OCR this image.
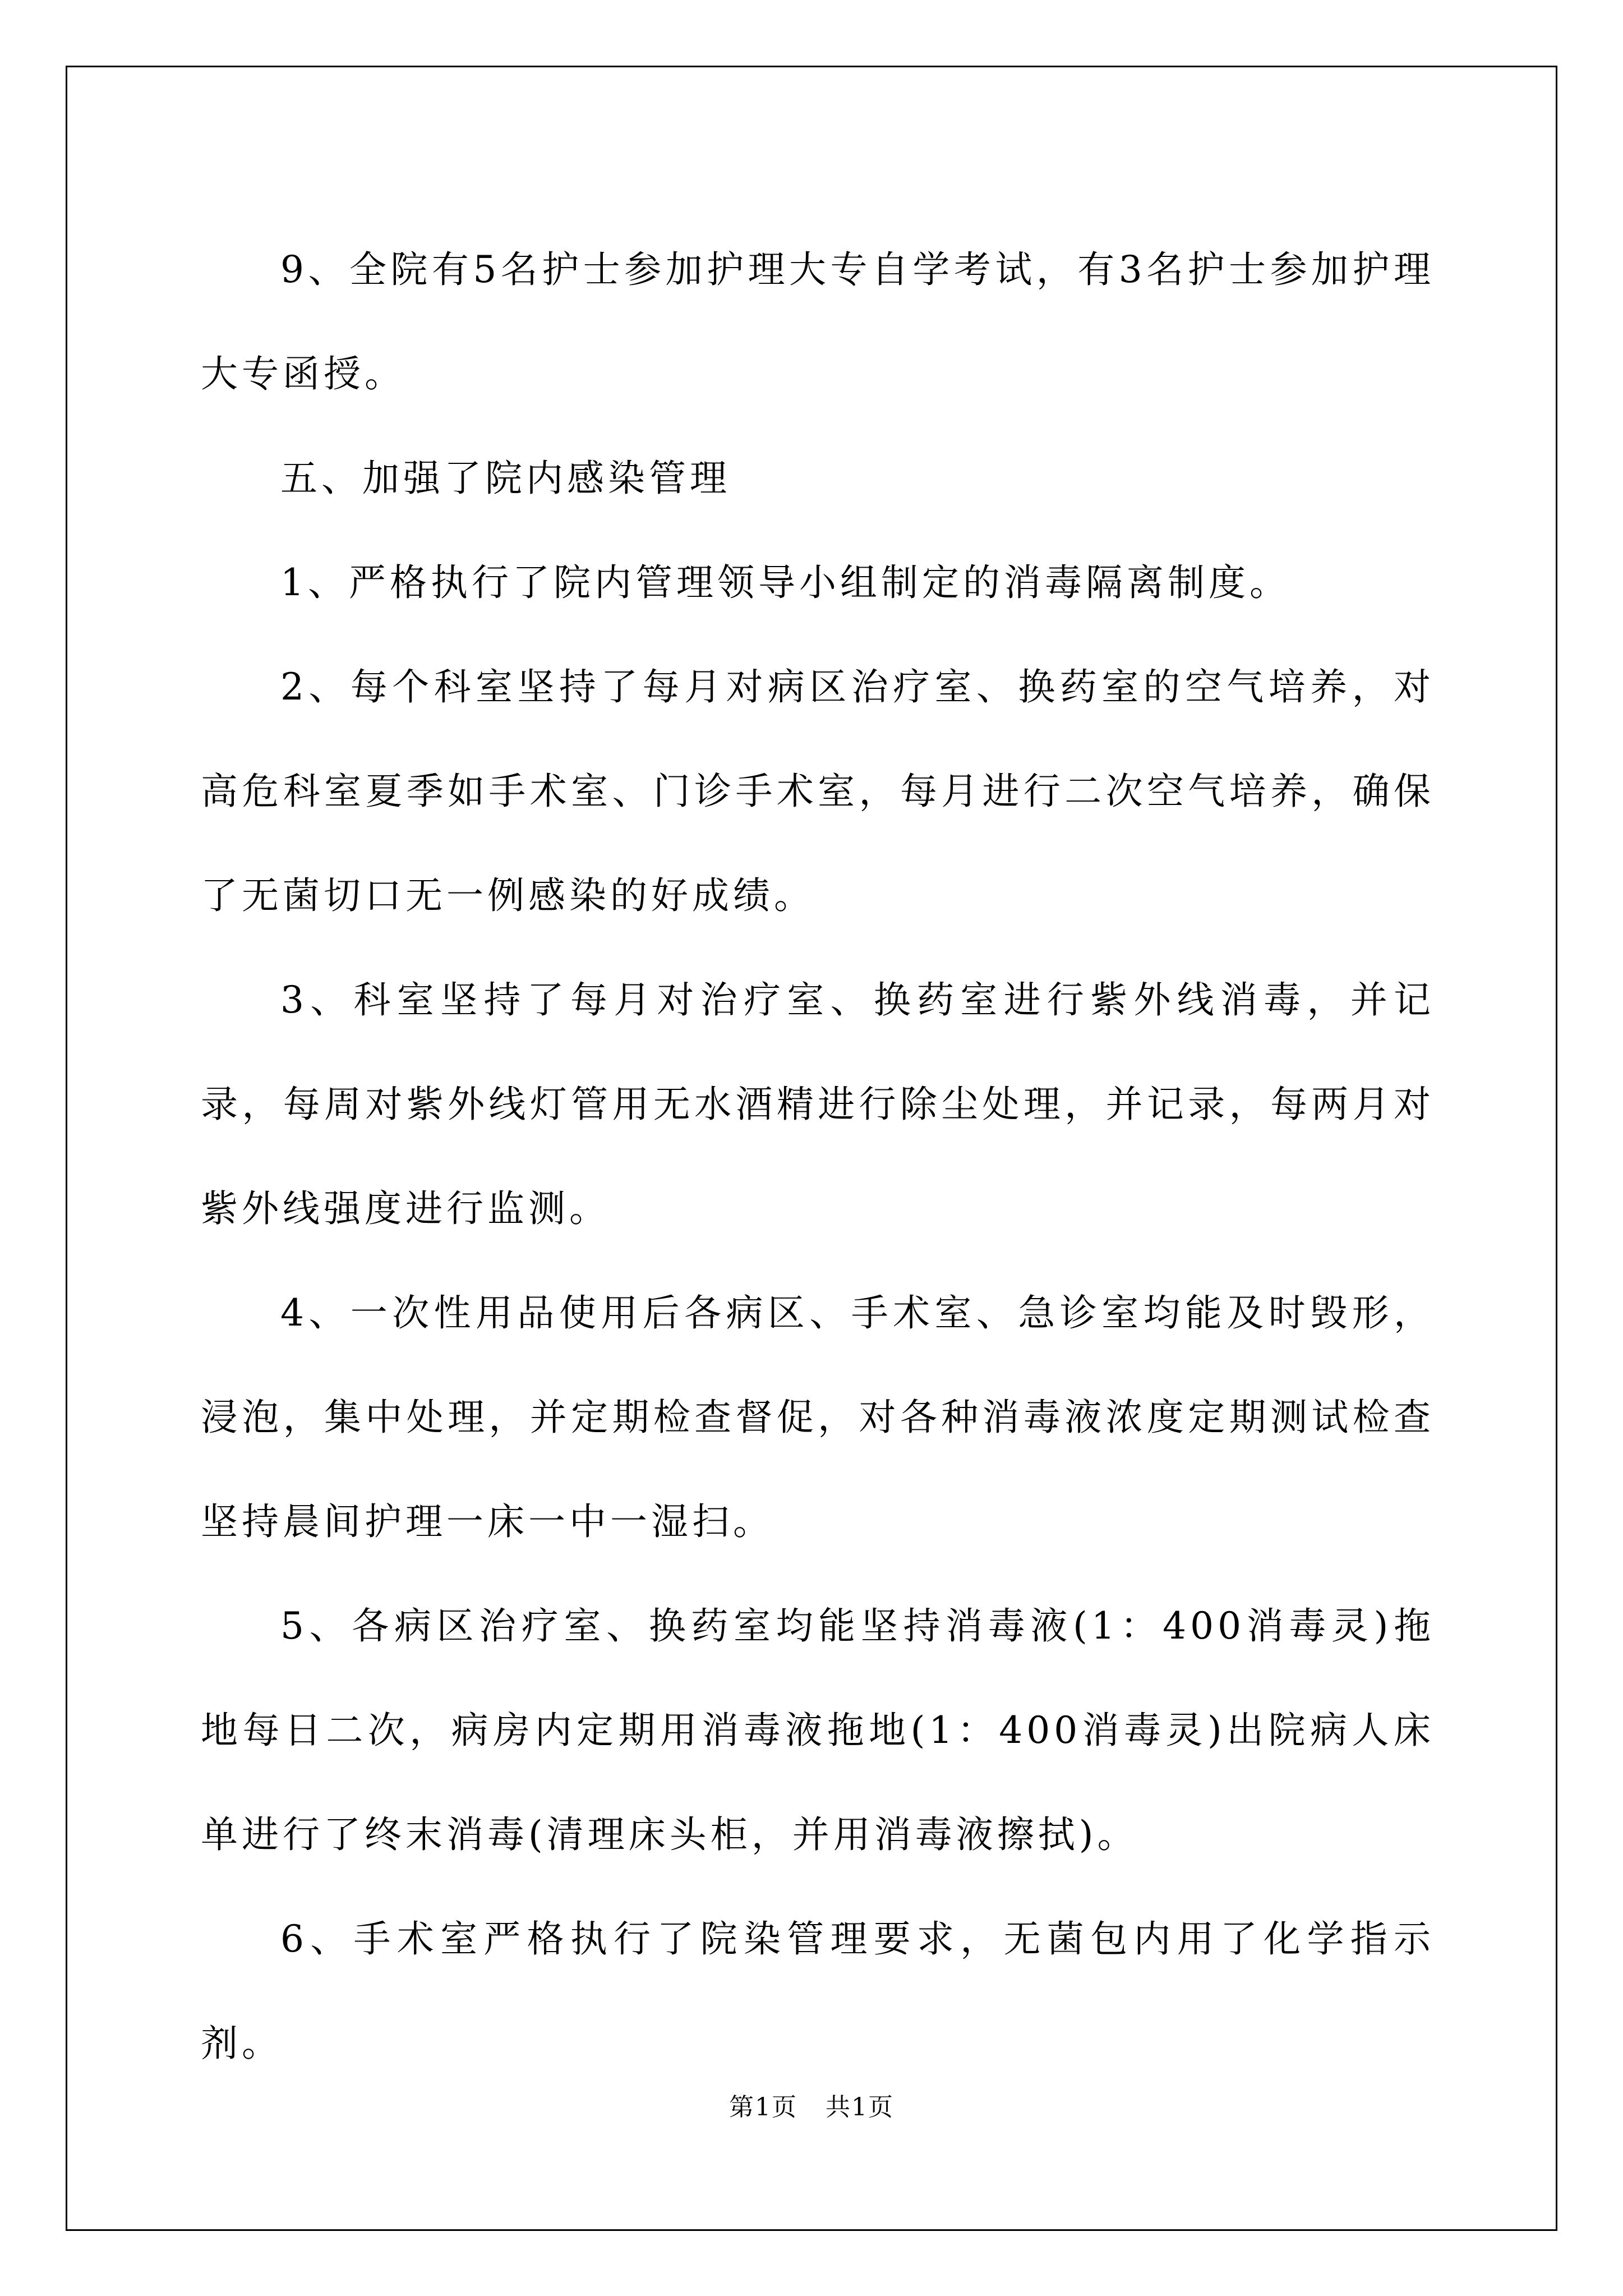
9、全院有5名护士参加护理大专自学考试，有3名护士参加护理大专函授。

五、加强了院内感染管理

1、严格执行了院内管理领导小组制定的消毒隔离制度。

2、每个科室坚持了每月对病区治疗室、换药室的空气培养，对高危科室夏季如手术室、门诊手术室，每月进行二次空气培养，确保了无菌切口无一例感染的好成绩。

3、科室坚持了每月对治疗室、换药室进行紫外线消毒，并记录，每周对紫外线灯管用无水酒精进行除尘处理，并记录，每两月对紫外线强度进行监测。

4、一次性用品使用后各病区、手术室、急诊室均能及时毁形，浸泡，集中处理，并定期检查督促，对各种消毒液浓度定期测试检查坚持晨间护理一床一中一湿扫。

5、各病区治疗室、换药室均能坚持消毒液(1：400消毒灵)拖地每日二次，病房内定期用消毒液拖地(1：400消毒灵)出院病人床单进行了终末消毒(清理床头柜，并用消毒液擦拭)。

6、手术室严格执行了院染管理要求，无菌包内用了化学指示剂。

第1页 共1页
